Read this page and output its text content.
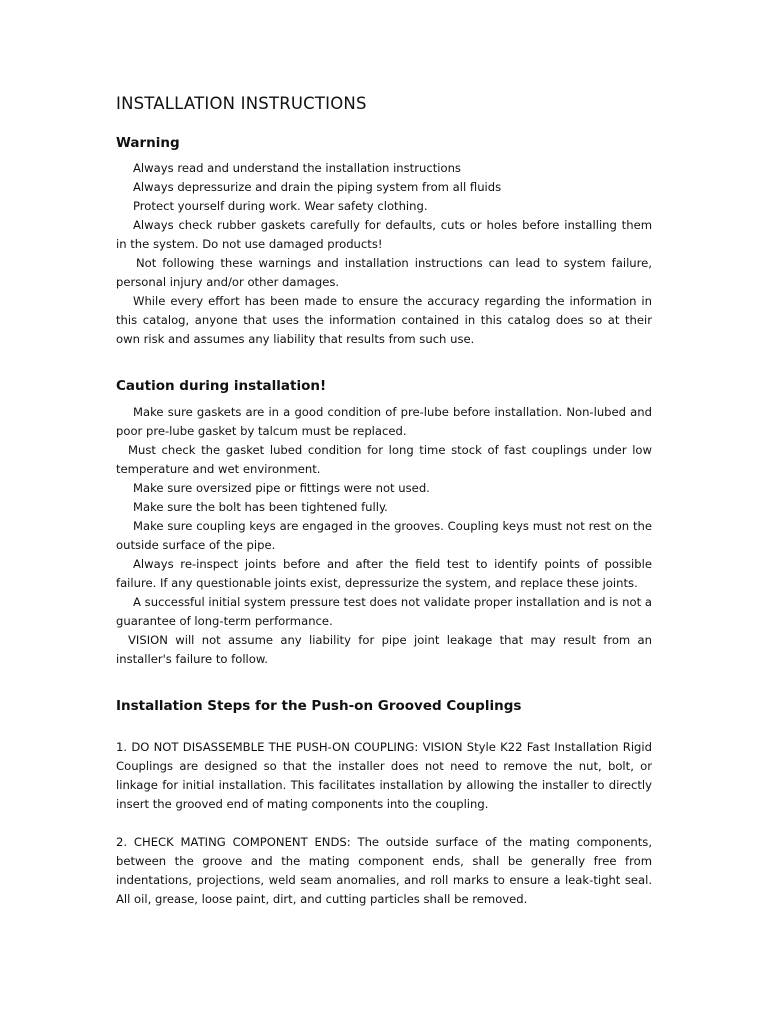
INSTALLATION INSTRUCTIONS
Warning

Always read and understand the installation instructions

Always depressurize and drain the piping system from all fluids

Protect yourself during work. Wear safety clothing.

Always check rubber gaskets carefully for defaults, cuts or holes before installing them in the system. Do not use damaged products!

Not following these warnings and installation instructions can lead to system failure, personal injury and/or other damages.

While every effort has been made to ensure the accuracy regarding the information in this catalog, anyone that uses the information contained in this catalog does so at their own risk and assumes any liability that results from such use.

Caution during installation!

Make sure gaskets are in a good condition of pre-lube before installation. Non-lubed and poor pre-lube gasket by talcum must be replaced.

Must check the gasket lubed condition for long time stock of fast couplings under low temperature and wet environment.

Make sure oversized pipe or fittings were not used.

Make sure the bolt has been tightened fully.

Make sure coupling keys are engaged in the grooves. Coupling keys must not rest on the outside surface of the pipe.

Always re-inspect joints before and after the field test to identify points of possible failure. If any questionable joints exist, depressurize the system, and replace these joints.

A successful initial system pressure test does not validate proper installation and is not a guarantee of long-term performance.

VISION will not assume any liability for pipe joint leakage that may result from an installer's failure to follow.

Installation Steps for the Push-on Grooved Couplings

1. DO NOT DISASSEMBLE THE PUSH-ON COUPLING: VISION Style K22 Fast Installation Rigid Couplings are designed so that the installer does not need to remove the nut, bolt, or linkage for initial installation. This facilitates installation by allowing the installer to directly insert the grooved end of mating components into the coupling.

2. CHECK MATING COMPONENT ENDS: The outside surface of the mating components, between the groove and the mating component ends, shall be generally free from indentations, projections, weld seam anomalies, and roll marks to ensure a leak-tight seal. All oil, grease, loose paint, dirt, and cutting particles shall be removed.
